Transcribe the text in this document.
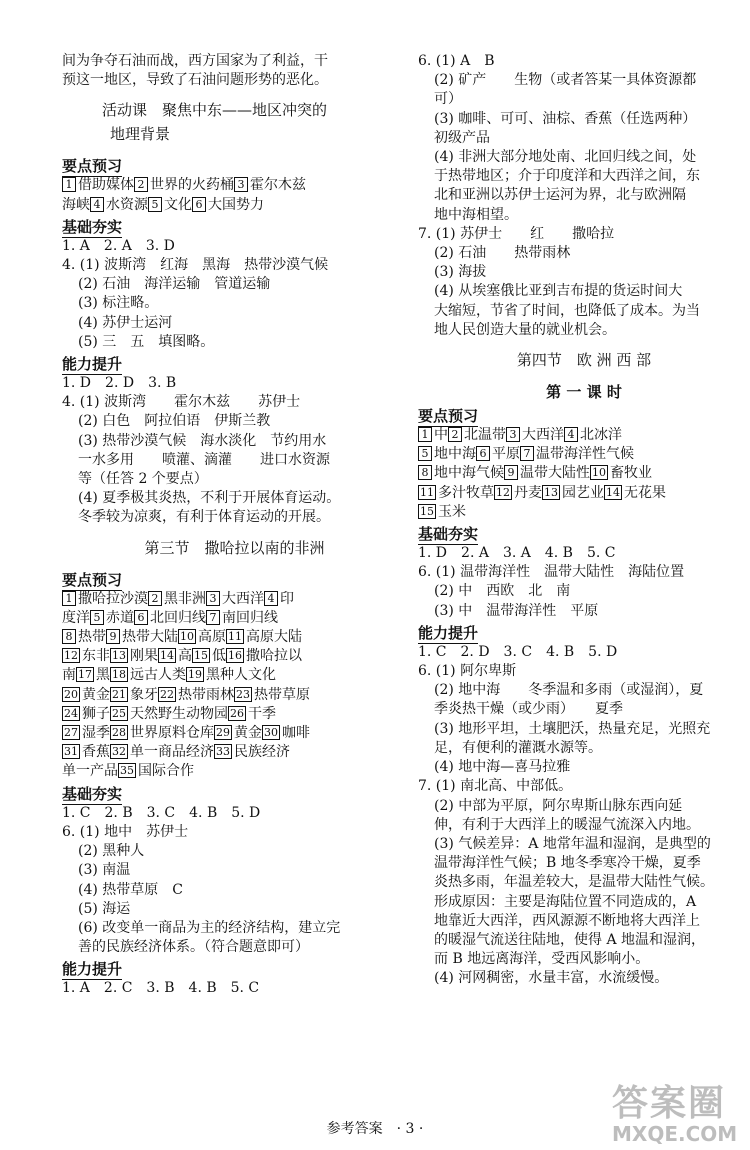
间为争夺石油而战，西方国家为了利益，干
预这一地区，导致了石油问题形势的恶化。
活动课　聚焦中东——地区冲突的
地理背景
要点预习
1 借助媒体 2 世界的火药桶 3 霍尔木兹
海峡 4 水资源 5 文化 6 大国势力
基础夯实
1. A　2. A　3. D
4. (1) 波斯湾　红海　黑海　热带沙漠气候
(2) 石油　海洋运输　管道运输
(3) 标注略。
(4) 苏伊士运河
(5) 三　五　填图略。
能力提升
1. D　2. D　3. B
4. (1) 波斯湾　　霍尔木兹　　苏伊士
(2) 白色　阿拉伯语　伊斯兰教
(3) 热带沙漠气候　海水淡化　节约用水
一水多用　　喷灌、滴灌　　进口水资源
等（任答 2 个要点）
(4) 夏季极其炎热，不利于开展体育运动。
冬季较为凉爽，有利于体育运动的开展。
第三节　撒哈拉以南的非洲
要点预习
1 撒哈拉沙漠 2 黑非洲 3 大西洋 4 印
度洋 5 赤道 6 北回归线 7 南回归线
8 热带 9 热带大陆 10 高原 11 高原大陆
12 东非 13 刚果 14 高 15 低 16 撒哈拉以
南 17 黑 18 远古人类 19 黑种人文化
20 黄金 21 象牙 22 热带雨林 23 热带草原
24 狮子 25 天然野生动物园 26 干季
27 湿季 28 世界原料仓库 29 黄金 30 咖啡
31 香蕉 32 单一商品经济 33 民族经济
单一产品 35 国际合作
基础夯实
1. C　2. B　3. C　4. B　5. D
6. (1) 地中　苏伊士
(2) 黑种人
(3) 南温
(4) 热带草原　C
(5) 海运
(6) 改变单一商品为主的经济结构，建立完
善的民族经济体系。（符合题意即可）
能力提升
1. A　2. C　3. B　4. B　5. C
6. (1) A　B
(2) 矿产　　生物（或者答某一具体资源都
可）
(3) 咖啡、可可、油棕、香蕉（任选两种）
初级产品
(4) 非洲大部分地处南、北回归线之间，处
于热带地区；介于印度洋和大西洋之间，东
北和亚洲以苏伊士运河为界，北与欧洲隔
地中海相望。
7. (1) 苏伊士　　红　　撒哈拉
(2) 石油　　热带雨林
(3) 海拔
(4) 从埃塞俄比亚到吉布提的货运时间大
大缩短，节省了时间，也降低了成本。为当
地人民创造大量的就业机会。
第四节　欧 洲 西 部
第 一 课 时
要点预习
1 中 2 北温带 3 大西洋 4 北冰洋
5 地中海 6 平原 7 温带海洋性气候
8 地中海气候 9 温带大陆性 10 畜牧业
11 多汁牧草 12 丹麦 13 园艺业 14 无花果
15 玉米
基础夯实
1. D　2. A　3. A　4. B　5. C
6. (1) 温带海洋性　温带大陆性　海陆位置
(2) 中　西欧　北　南
(3) 中　温带海洋性　平原
能力提升
1. C　2. D　3. C　4. B　5. D
6. (1) 阿尔卑斯
(2) 地中海　　冬季温和多雨（或湿润），夏
季炎热干燥（或少雨）　　夏季
(3) 地形平坦，土壤肥沃，热量充足，光照充
足，有便利的灌溉水源等。
(4) 地中海—喜马拉雅
7. (1) 南北高、中部低。
(2) 中部为平原，阿尔卑斯山脉东西向延
伸，有利于大西洋上的暖湿气流深入内地。
(3) 气候差异：A 地常年温和湿润，是典型的
温带海洋性气候；B 地冬季寒冷干燥，夏季
炎热多雨，年温差较大，是温带大陆性气候。
形成原因：主要是海陆位置不同造成的，A
地靠近大西洋，西风源源不断地将大西洋上
的暖湿气流送往陆地，使得 A 地温和湿润，
而 B 地远离海洋，受西风影响小。
(4) 河网稠密，水量丰富，水流缓慢。
参考答案　· 3 ·
答案圈
MXQE.COM
